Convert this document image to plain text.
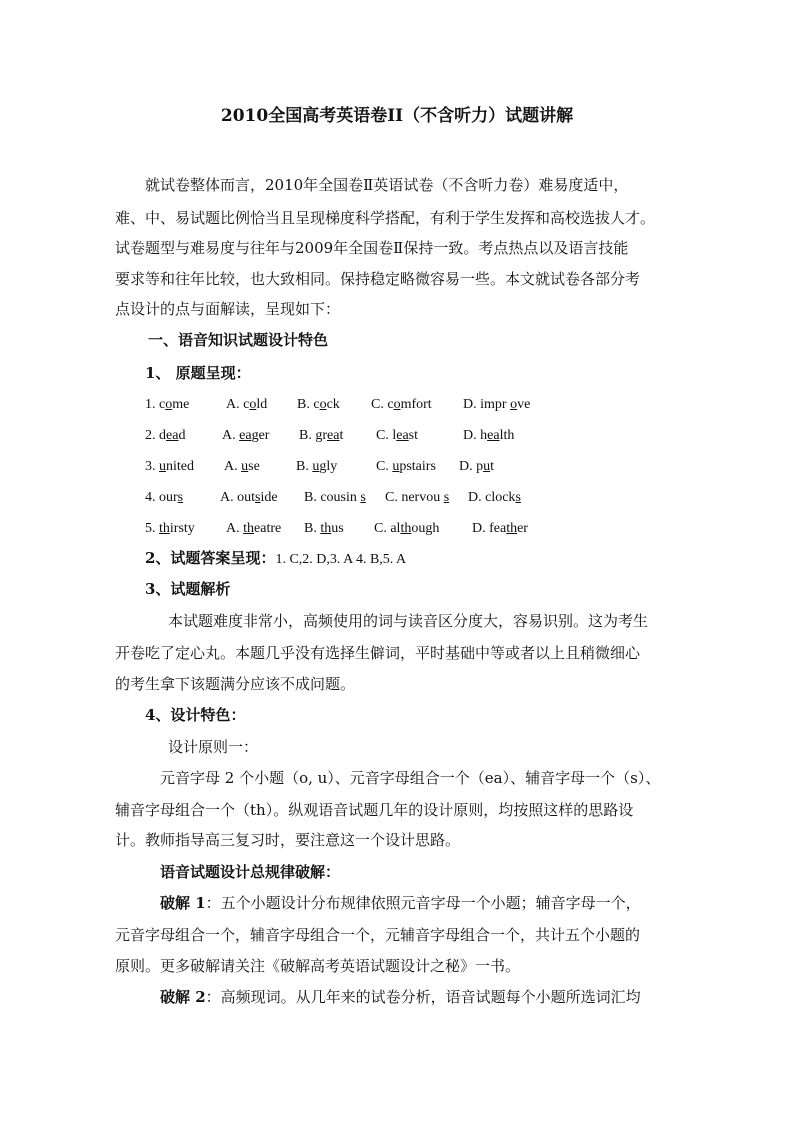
2010全国高考英语卷II（不含听力）试题讲解
就试卷整体而言，2010年全国卷Ⅱ英语试卷（不含听力卷）难易度适中，
难、中、易试题比例恰当且呈现梯度科学搭配，有利于学生发挥和高校选拔人才。
试卷题型与难易度与往年与2009年全国卷Ⅱ保持一致。考点热点以及语言技能
要求等和往年比较，也大致相同。保持稳定略微容易一些。本文就试卷各部分考
点设计的点与面解读，呈现如下：
一、语音知识试题设计特色
1、 原题呈现：
1. come	A. cold B. cock C. comfort D. impr ove
2. dead	A. eager B. great C. least	D. health
3. united A. use	B. ugly	C. upstairs D. put
4. ours	A. outside B. cousin s C. nervou s D. clocks
5. thirsty A. theatre B. thus C. although D. feather
2、试题答案呈现：1. C,2. D,3. A 4. B,5. A
3、试题解析
本试题难度非常小，高频使用的词与读音区分度大，容易识别。这为考生
开卷吃了定心丸。本题几乎没有选择生僻词，平时基础中等或者以上且稍微细心
的考生拿下该题满分应该不成问题。
4、设计特色：
设计原则一：
元音字母 2 个小题（o, u）、元音字母组合一个（ea）、辅音字母一个（s）、
辅音字母组合一个（th）。纵观语音试题几年的设计原则，均按照这样的思路设
计。教师指导高三复习时，要注意这一个设计思路。
语音试题设计总规律破解：
破解 1：五个小题设计分布规律依照元音字母一个小题；辅音字母一个，
元音字母组合一个，辅音字母组合一个，元辅音字母组合一个，共计五个小题的
原则。更多破解请关注《破解高考英语试题设计之秘》一书。
破解 2：高频现词。从几年来的试卷分析，语音试题每个小题所选词汇均
